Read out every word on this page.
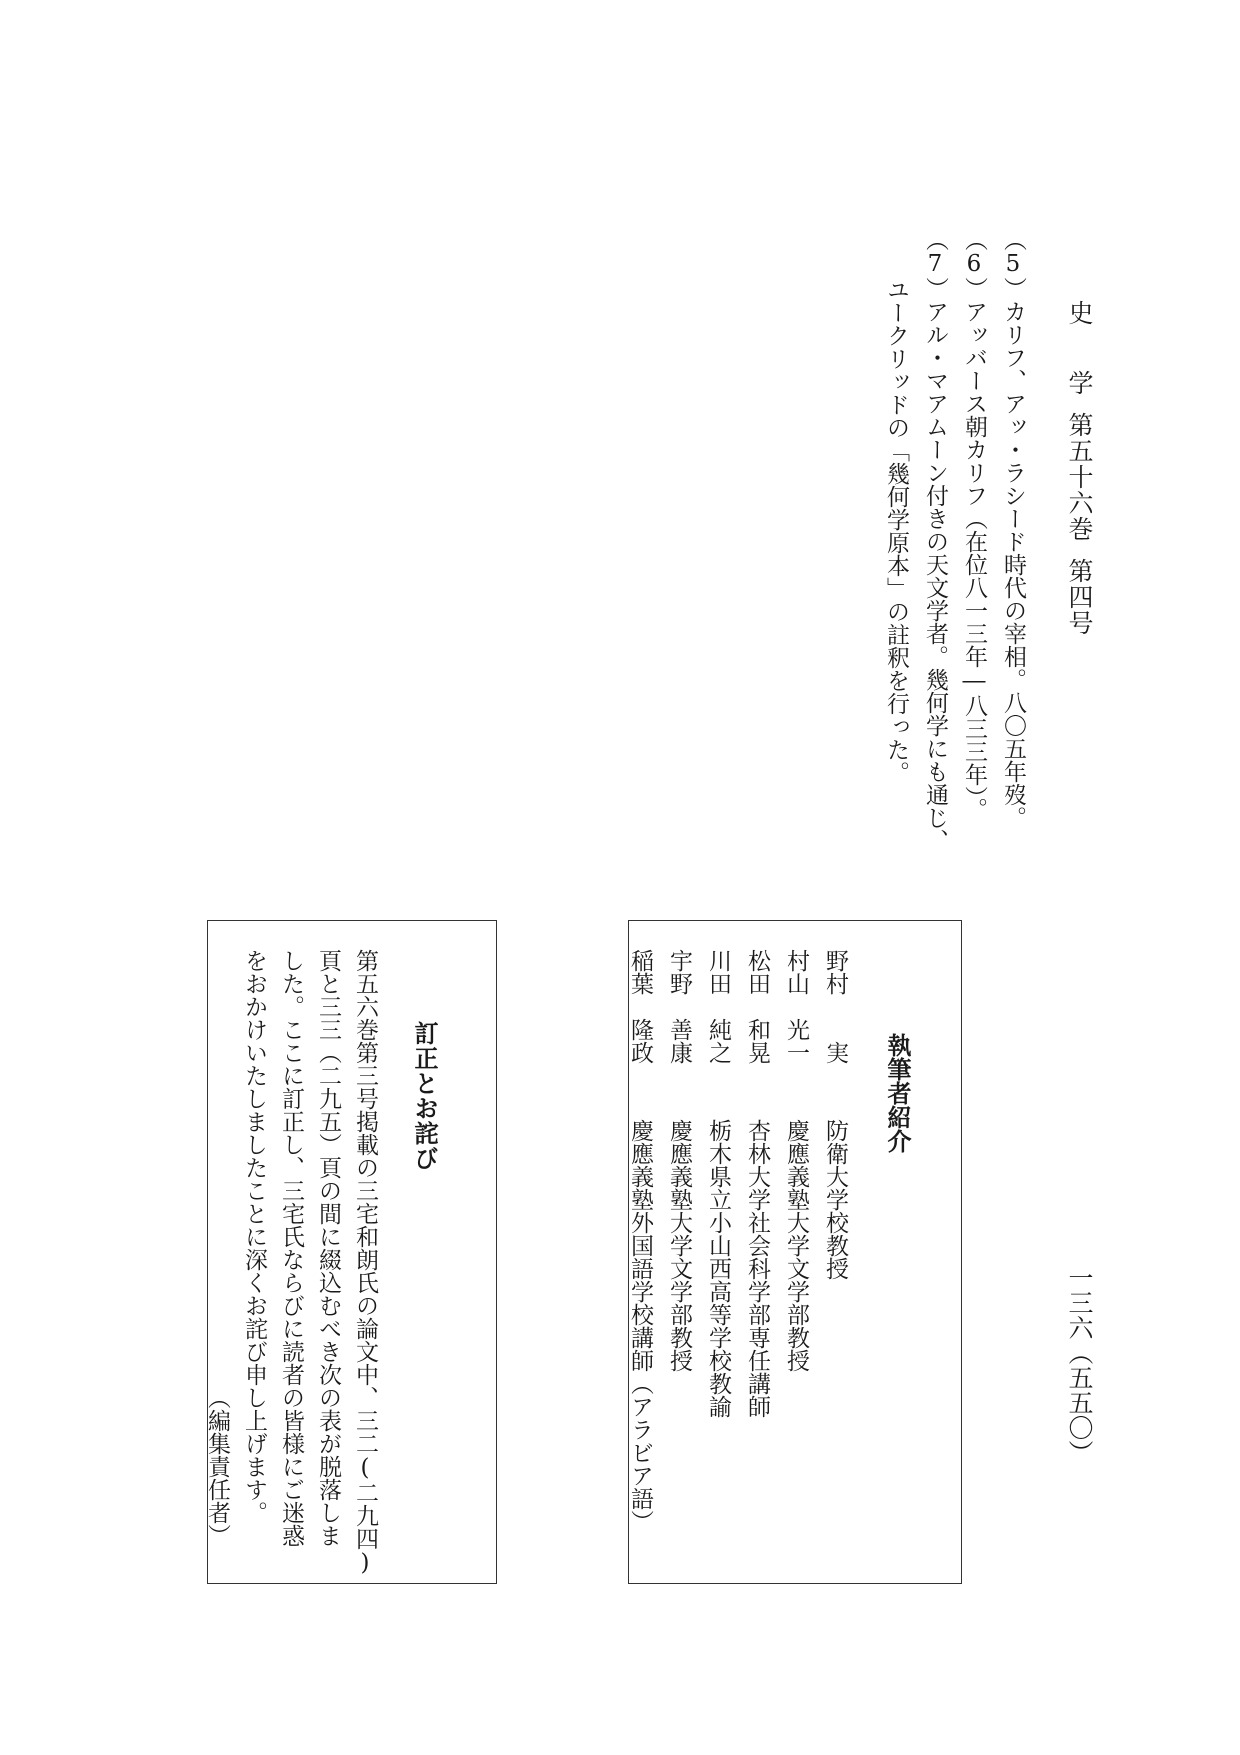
史学第五十六巻第四号
一三六（五五〇）
（5）カリフ、アッ・ラシード時代の宰相。八〇五年歿。
（6）アッバース朝カリフ（在位八一三年―八三三年）。
（7）アル・マアムーン付きの天文学者。幾何学にも通じ、
ユークリッドの「幾何学原本」の註釈を行った。
執筆者紹介
野村　　実防衛大学校教授
村山　光一慶應義塾大学文学部教授
松田　和晃杏林大学社会科学部専任講師
川田　純之栃木県立小山西高等学校教諭
宇野　善康慶應義塾大学文学部教授
稲葉　隆政慶應義塾外国語学校講師（アラビア語）
訂正とお詫び
第五六巻第三号掲載の三宅和朗氏の論文中、三二(二九四)
頁と三三（二九五）頁の間に綴込むべき次の表が脱落しま
した。ここに訂正し、三宅氏ならびに読者の皆様にご迷惑
をおかけいたしましたことに深くお詫び申し上げます。
（編集責任者）
